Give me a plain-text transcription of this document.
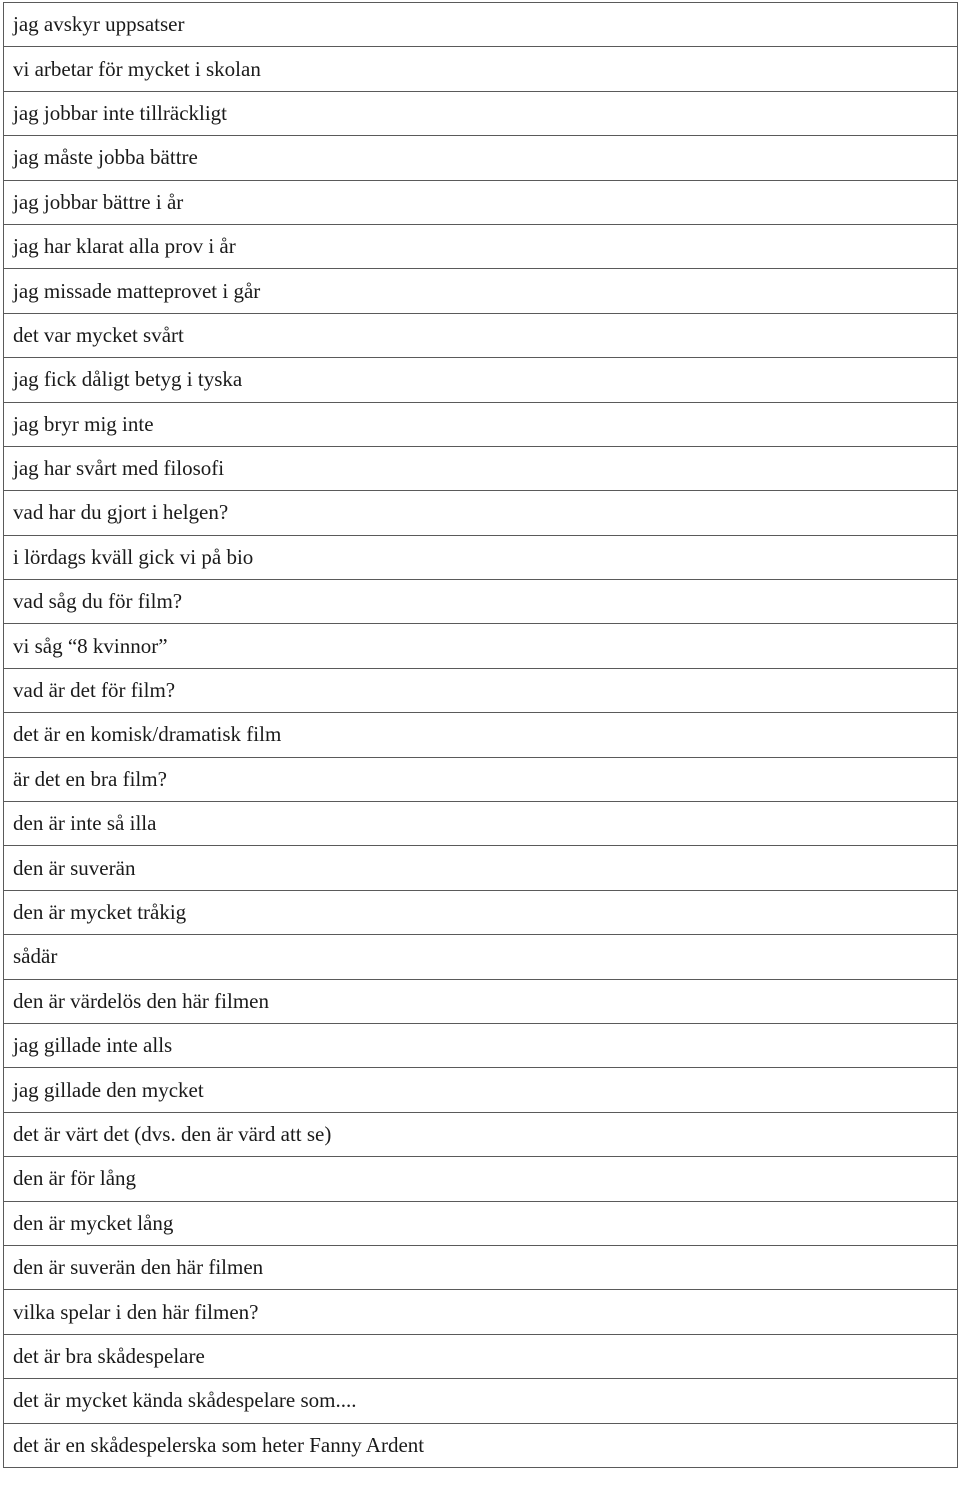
jag avskyr uppsatser
vi arbetar för mycket i skolan
jag jobbar inte tillräckligt
jag måste jobba bättre
jag jobbar bättre i år
jag har klarat alla prov i år
jag missade matteprovet i går
det var mycket svårt
jag fick dåligt betyg i tyska
jag bryr mig inte
jag har svårt med filosofi
vad har du gjort i helgen?
i lördags kväll gick vi på bio
vad såg du för film?
vi såg “8 kvinnor”
vad är det för film?
det är en komisk/dramatisk film
är det en bra film?
den är inte så illa
den är suverän
den är mycket tråkig
sådär
den är värdelös den här filmen
jag gillade inte alls
jag gillade den mycket
det är värt det (dvs. den är värd att se)
den är för lång
den är mycket lång
den är suverän den här filmen
vilka spelar i den här filmen?
det är bra skådespelare
det är mycket kända skådespelare som....
det är en skådespelerska som heter Fanny Ardent
